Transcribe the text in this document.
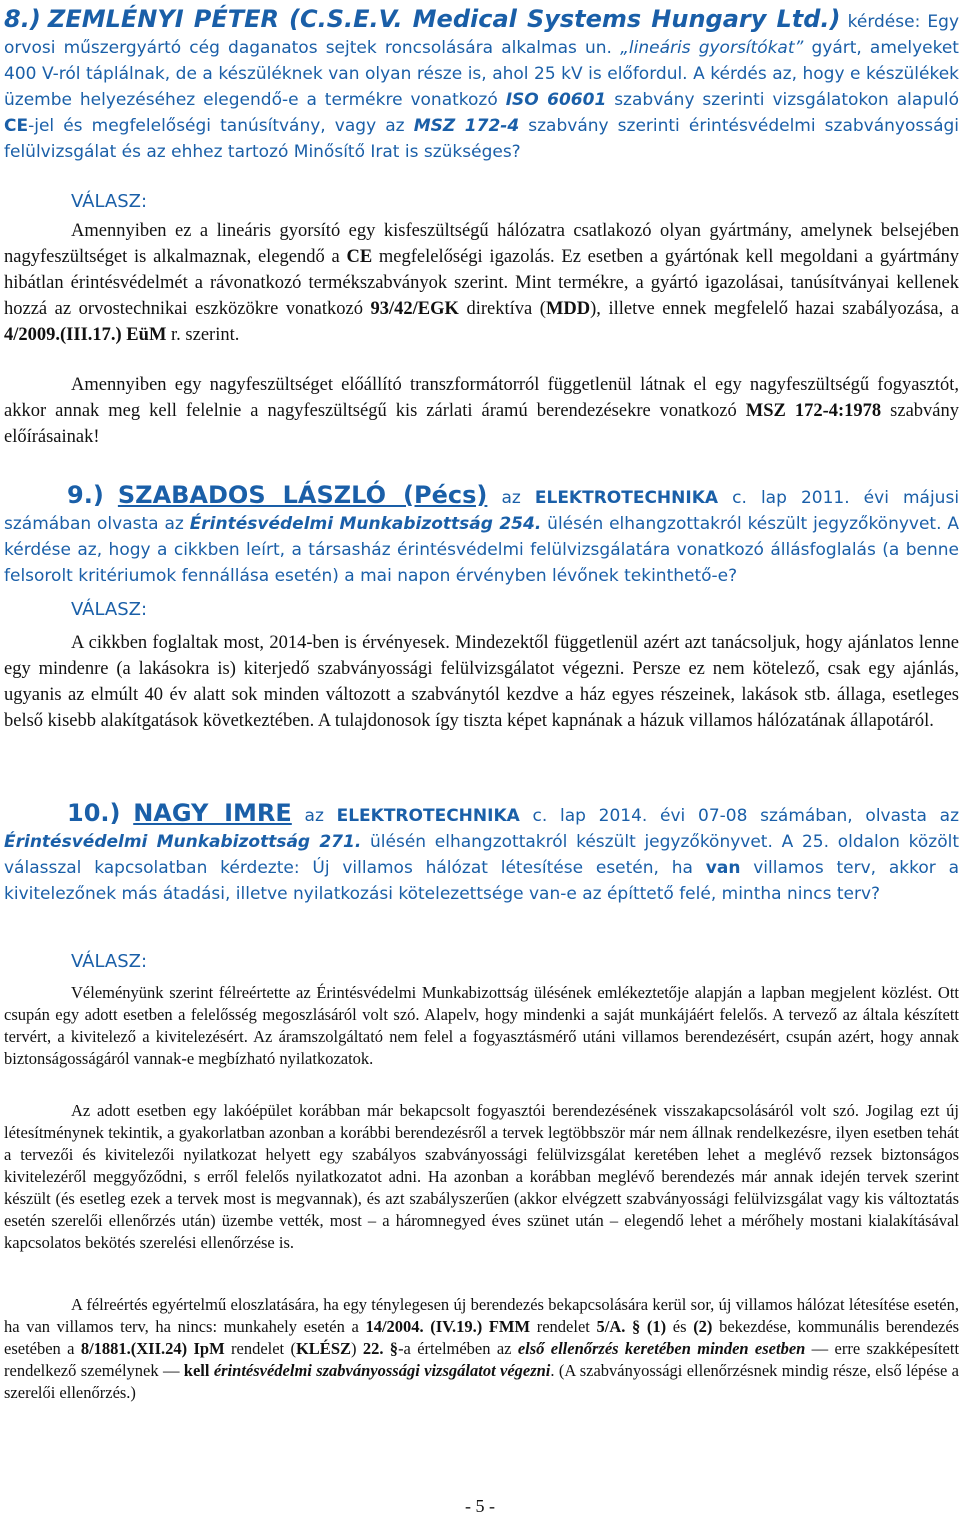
8.) ZEMLÉNYI PÉTER (C.S.E.V. Medical Systems Hungary Ltd.) kérdése: Egy orvosi műszergyártó cég daganatos sejtek roncsolására alkalmas un. „lineáris gyorsítókat” gyárt, amelyeket 400 V-ról táplálnak, de a készüléknek van olyan része is, ahol 25 kV is előfordul. A kérdés az, hogy e készülékek üzembe helyezéséhez elegendő-e a termékre vonatkozó ISO 60601 szabvány szerinti vizsgálatokon alapuló CE-jel és megfelelőségi tanúsítvány, vagy az MSZ 172-4 szabvány szerinti érintésvédelmi szabványossági felülvizsgálat és az ehhez tartozó Minősítő Irat is szükséges?
VÁLASZ:
Amennyiben ez a lineáris gyorsító egy kisfeszültségű hálózatra csatlakozó olyan gyártmány, amelynek belsejében nagyfeszültséget is alkalmaznak, elegendő a CE megfelelőségi igazolás. Ez esetben a gyártónak kell megoldani a gyártmány hibátlan érintésvédelmét a rávonatkozó termékszabványok szerint. Mint termékre, a gyártó igazolásai, tanúsítványai kellenek hozzá az orvostechnikai eszközökre vonatkozó 93/42/EGK direktíva (MDD), illetve ennek megfelelő hazai szabályozása, a 4/2009.(III.17.) EüM r. szerint.
Amennyiben egy nagyfeszültséget előállító transzformátorról függetlenül látnak el egy nagyfeszültségű fogyasztót, akkor annak meg kell felelnie a nagyfeszültségű kis zárlati áramú berendezésekre vonatkozó MSZ 172-4:1978 szabvány előírásainak!
9.) SZABADOS LÁSZLÓ (Pécs) az ELEKTROTECHNIKA c. lap 2011. évi májusi számában olvasta az Érintésvédelmi Munkabizottság 254. ülésén elhangzottakról készült jegyzőkönyvet. A kérdése az, hogy a cikkben leírt, a társasház érintésvédelmi felülvizsgálatára vonatkozó állásfoglalás (a benne felsorolt kritériumok fennállása esetén) a mai napon érvényben lévőnek tekinthető-e?
VÁLASZ:
A cikkben foglaltak most, 2014-ben is érvényesek. Mindezektől függetlenül azért azt tanácsoljuk, hogy ajánlatos lenne egy mindenre (a lakásokra is) kiterjedő szabványossági felülvizsgálatot végezni. Persze ez nem kötelező, csak egy ajánlás, ugyanis az elmúlt 40 év alatt sok minden változott a szabványtól kezdve a ház egyes részeinek, lakások stb. állaga, esetleges belső kisebb alakítgatások következtében. A tulajdonosok így tiszta képet kapnának a házuk villamos hálózatának állapotáról.
10.) NAGY IMRE az ELEKTROTECHNIKA c. lap 2014. évi 07-08 számában, olvasta az Érintésvédelmi Munkabizottság 271. ülésén elhangzottakról készült jegyzőkönyvet. A 25. oldalon közölt válasszal kapcsolatban kérdezte: Új villamos hálózat létesítése esetén, ha van villamos terv, akkor a kivitelezőnek más átadási, illetve nyilatkozási kötelezettsége van-e az építtető felé, mintha nincs terv?
VÁLASZ:
Véleményünk szerint félreértette az Érintésvédelmi Munkabizottság ülésének emlékeztetője alapján a lapban megjelent közlést. Ott csupán egy adott esetben a felelősség megoszlásáról volt szó. Alapelv, hogy mindenki a saját munkájáért felelős. A tervező az általa készített tervért, a kivitelező a kivitelezésért. Az áramszolgáltató nem felel a fogyasztásmérő utáni villamos berendezésért, csupán azért, hogy annak biztonságosságáról vannak-e megbízható nyilatkozatok.
Az adott esetben egy lakóépület korábban már bekapcsolt fogyasztói berendezésének visszakapcsolásáról volt szó. Jogilag ezt új létesítménynek tekintik, a gyakorlatban azonban a korábbi berendezésről a tervek legtöbbször már nem állnak rendelkezésre, ilyen esetben tehát a tervezői és kivitelezői nyilatkozat helyett egy szabályos szabványossági felülvizsgálat keretében lehet a meglévő rezsek biztonságos kivitelezéről meggyőződni, s erről felelős nyilatkozatot adni. Ha azonban a korábban meglévő berendezés már annak idején tervek szerint készült (és esetleg ezek a tervek most is megvannak), és azt szabályszerűen (akkor elvégzett szabványossági felülvizsgálat vagy kis változtatás esetén szerelői ellenőrzés után) üzembe vették, most – a háromnegyed éves szünet után – elegendő lehet a mérőhely mostani kialakításával kapcsolatos bekötés szerelési ellenőrzése is.
A félreértés egyértelmű eloszlatására, ha egy ténylegesen új berendezés bekapcsolására kerül sor, új villamos hálózat létesítése esetén, ha van villamos terv, ha nincs: munkahely esetén a 14/2004. (IV.19.) FMM rendelet 5/A. § (1) és (2) bekezdése, kommunális berendezés esetében a 8/1881.(XII.24) IpM rendelet (KLÉSZ) 22. §-a értelmében az első ellenőrzés keretében minden esetben — erre szakképesített rendelkező személynek — kell érintésvédelmi szabványossági vizsgálatot végezni. (A szabványossági ellenőrzésnek mindig része, első lépése a szerelői ellenőrzés.)
- 5 -
